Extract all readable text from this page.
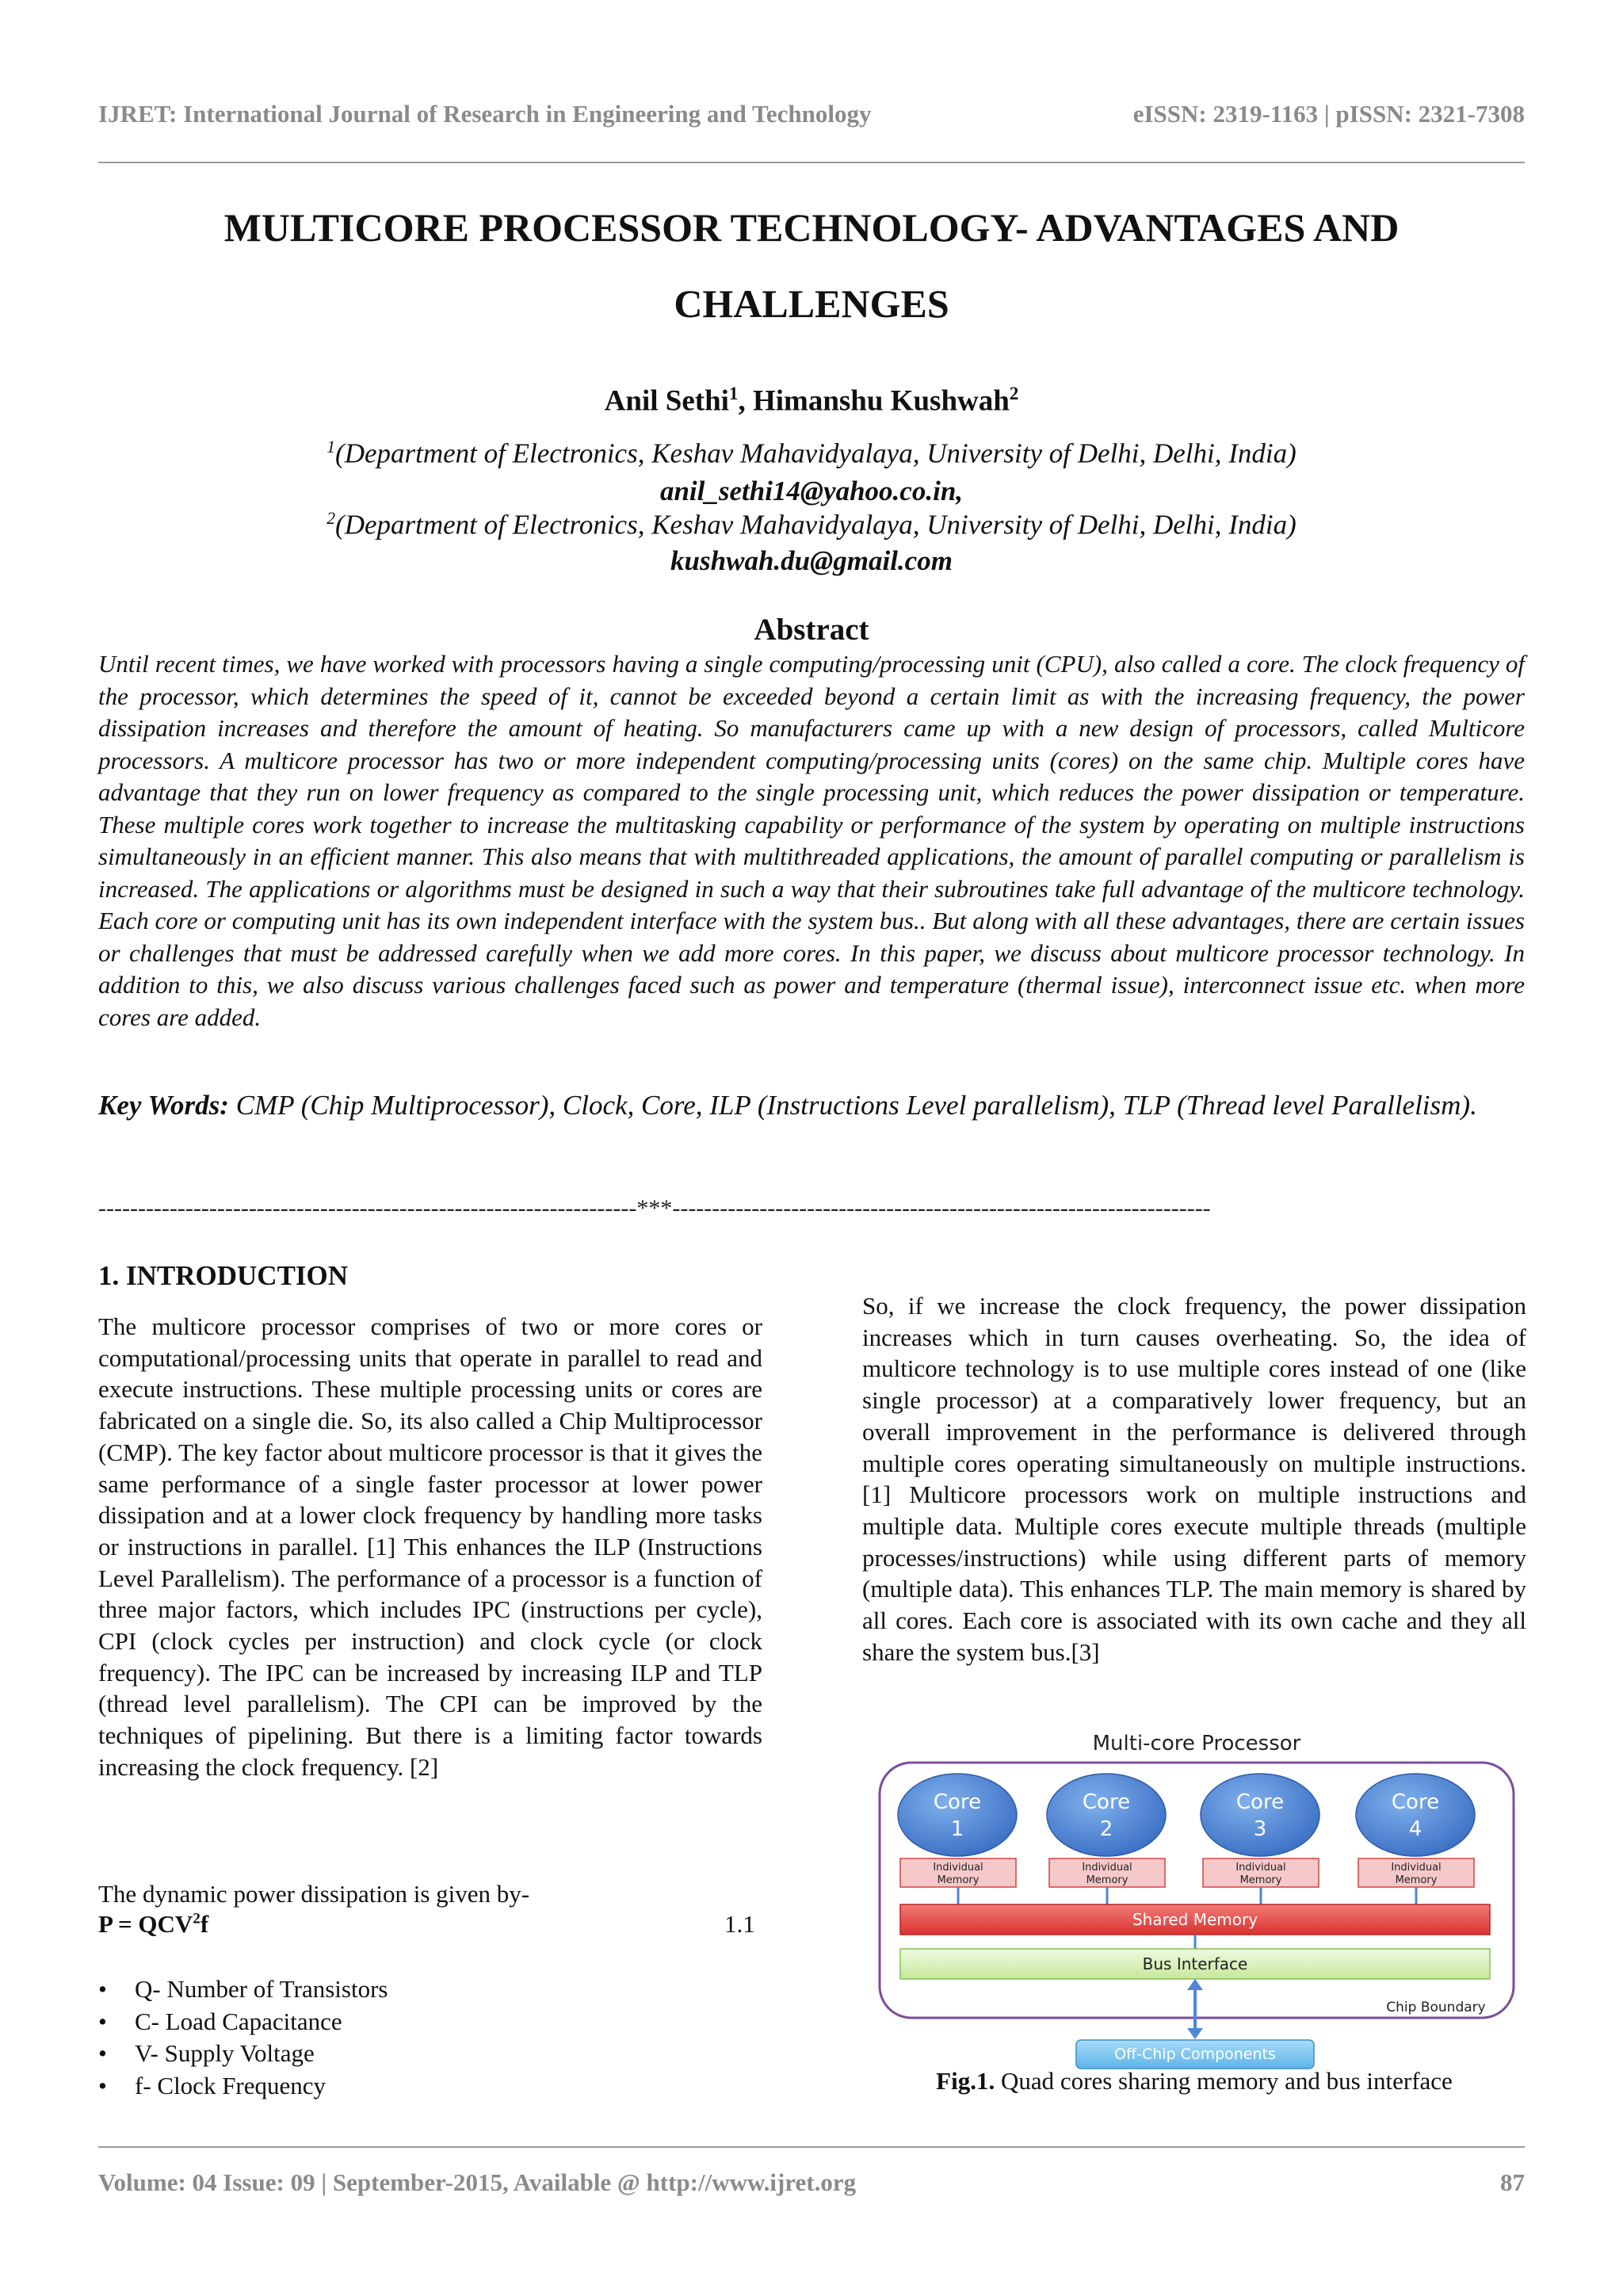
IJRET: International Journal of Research in Engineering and Technology	eISSN: 2319-1163 | pISSN: 2321-7308
MULTICORE PROCESSOR TECHNOLOGY- ADVANTAGES AND
CHALLENGES
Anil Sethi$^1$, Himanshu Kushwah$^2$
$^1$(Department of Electronics, Keshav Mahavidyalaya, University of Delhi, Delhi, India)
anil_sethi14@yahoo.co.in,
$^2$(Department of Electronics, Keshav Mahavidyalaya, University of Delhi, Delhi, India)
kushwah.du@gmail.com
Abstract
Until recent times, we have worked with processors having a single computing/processing unit (CPU), also called a core. The clock frequency of the processor, which determines the speed of it, cannot be exceeded beyond a certain limit as with the increasing frequency, the power dissipation increases and therefore the amount of heating. So manufacturers came up with a new design of processors, called Multicore processors. A multicore processor has two or more independent computing/processing units (cores) on the same chip. Multiple cores have advantage that they run on lower frequency as compared to the single processing unit, which reduces the power dissipation or temperature. These multiple cores work together to increase the multitasking capability or performance of the system by operating on multiple instructions simultaneously in an efficient manner. This also means that with multithreaded applications, the amount of parallel computing or parallelism is increased. The applications or algorithms must be designed in such a way that their subroutines take full advantage of the multicore technology. Each core or computing unit has its own independent interface with the system bus.. But along with all these advantages, there are certain issues or challenges that must be addressed carefully when we add more cores. In this paper, we discuss about multicore processor technology. In addition to this, we also discuss various challenges faced such as power and temperature (thermal issue), interconnect issue etc. when more cores are added.
Key Words: CMP (Chip Multiprocessor), Clock, Core, ILP (Instructions Level parallelism), TLP (Thread level Parallelism).
--------------------------------------------------------------------***--------------------------------------------------------------------
1. INTRODUCTION
The multicore processor comprises of two or more cores or computational/processing units that operate in parallel to read and execute instructions. These multiple processing units or cores are fabricated on a single die. So, its also called a Chip Multiprocessor (CMP). The key factor about multicore processor is that it gives the same performance of a single faster processor at lower power dissipation and at a lower clock frequency by handling more tasks or instructions in parallel. [1] This enhances the ILP (Instructions Level Parallelism). The performance of a processor is a function of three major factors, which includes IPC (instructions per cycle), CPI (clock cycles per instruction) and clock cycle (or clock frequency). The IPC can be increased by increasing ILP and TLP (thread level parallelism). The CPI can be improved by the techniques of pipelining. But there is a limiting factor towards increasing the clock frequency. [2]
The dynamic power dissipation is given by-
$P = QCV^2f$	1.1
• Q- Number of Transistors
• C- Load Capacitance
• V- Supply Voltage
• f- Clock Frequency
So, if we increase the clock frequency, the power dissipation increases which in turn causes overheating. So, the idea of multicore technology is to use multiple cores instead of one (like single processor) at a comparatively lower frequency, but an overall improvement in the performance is delivered through multiple cores operating simultaneously on multiple instructions.[1] Multicore processors work on multiple instructions and multiple data. Multiple cores execute multiple threads (multiple processes/instructions) while using different parts of memory (multiple data). This enhances TLP. The main memory is shared by all cores. Each core is associated with its own cache and they all share the system bus.[3]
Multi-core Processor
Core
1
Individual
Memory
Core
2
Individual
Memory
Core
3
Individual
Memory
Core
4
Individual
Memory
Shared Memory
Bus Interface
Chip Boundary
Off-Chip Components
Fig.1. Quad cores sharing memory and bus interface
Volume: 04 Issue: 09 | September-2015, Available @ http://www.ijret.org	87
